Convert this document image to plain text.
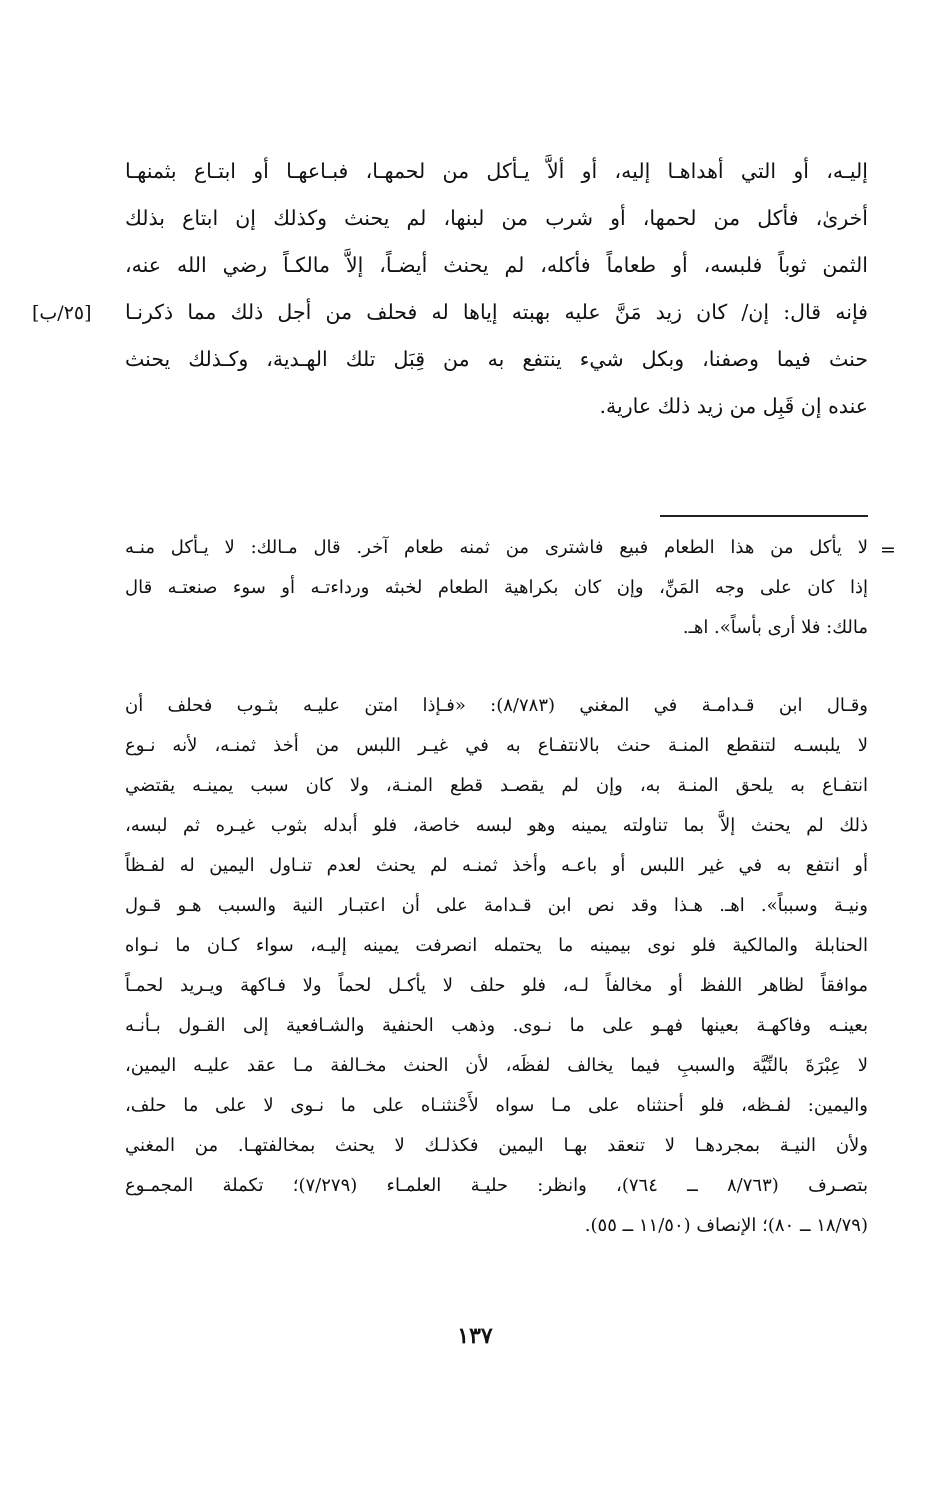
إليـه، أو التي أهداهـا إليه، أو ألاَّ يـأكل من لحمهـا، فبـاعهـا أو ابتـاع بثمنهـا
أخرىٰ، فأكل من لحمها، أو شرب من لبنها، لم يحنث وكذلك إن ابتاع بذلك
الثمن ثوباً فلبسه، أو طعاماً فأكله، لم يحنث أيضـاً، إلاَّ مالكـاً رضي الله عنه،
فإنه قال: إن/ كان زيد مَنَّ عليه بهبته إياها له فحلف من أجل ذلك مما ذكرنـا
حنث فيما وصفنا، وبكل شيء ينتفع به من قِبَل تلك الهـدية، وكـذلك يحنث
عنده إن قَبِل من زيد ذلك عارية.
[٢٥/ب]
=
لا يأكل من هذا الطعام فبيع فاشترى من ثمنه طعام آخر. قال مـالك: لا يـأكل منـه
إذا كان على وجه المَنِّ، وإن كان بكراهية الطعام لخبثه ورداءتـه أو سوء صنعتـه قال
مالك: فلا أرى بأساً». اهـ.
وقـال ابن قـدامـة في المغني (٨/٧٨٣): «فـإذا امتن عليـه بثـوب فحلف أن
لا يلبسـه لتنقطع المنـة حنث بالانتفـاع به في غيـر اللبس من أخذ ثمنـه، لأنه نـوع
انتفـاع به يلحق المنـة به، وإن لم يقصـد قطع المنـة، ولا كان سبب يمينـه يقتضي
ذلك لم يحنث إلاَّ بما تناولته يمينه وهو لبسه خاصة، فلو أبدله بثوب غيـره ثم لبسه،
أو انتفع به في غير اللبس أو باعـه وأخذ ثمنـه لم يحنث لعدم تنـاول اليمين له لفـظاً
ونيـة وسبباً». اهـ. هـذا وقد نص ابن قـدامة على أن اعتبـار النية والسبب هـو قـول
الحنابلة والمالكية فلو نوى بيمينه ما يحتمله انصرفت يمينه إليـه، سواء كـان ما نـواه
موافقاً لظاهر اللفظ أو مخالفاً لـه، فلو حلف لا يأكـل لحماً ولا فـاكهة ويـريد لحمـاً
بعينـه وفاكهـة بعينها فهـو على ما نـوى. وذهب الحنفية والشـافعية إلى القـول بـأنـه
لا عِبْرَةَ بالنِّيَّة والسببِ فيما يخالف لفظَه، لأن الحنث مخـالفة مـا عقد عليـه اليمين،
واليمين: لفـظه، فلو أحنثناه على مـا سواه لأَحْنثنـاه على ما نـوى لا على ما حلف،
ولأن النيـة بمجردهـا لا تنعقد بهـا اليمين فكذلـك لا يحنث بمخالفتهـا. من المغني
بتصـرف (٨/٧٦٣ ــ ٧٦٤)، وانظر: حليـة العلمـاء (٧/٢٧٩)؛ تكملة المجمـوع
(١٨/٧٩ ــ ٨٠)؛ الإنصاف (١١/٥٠ ــ ٥٥).
١٣٧
